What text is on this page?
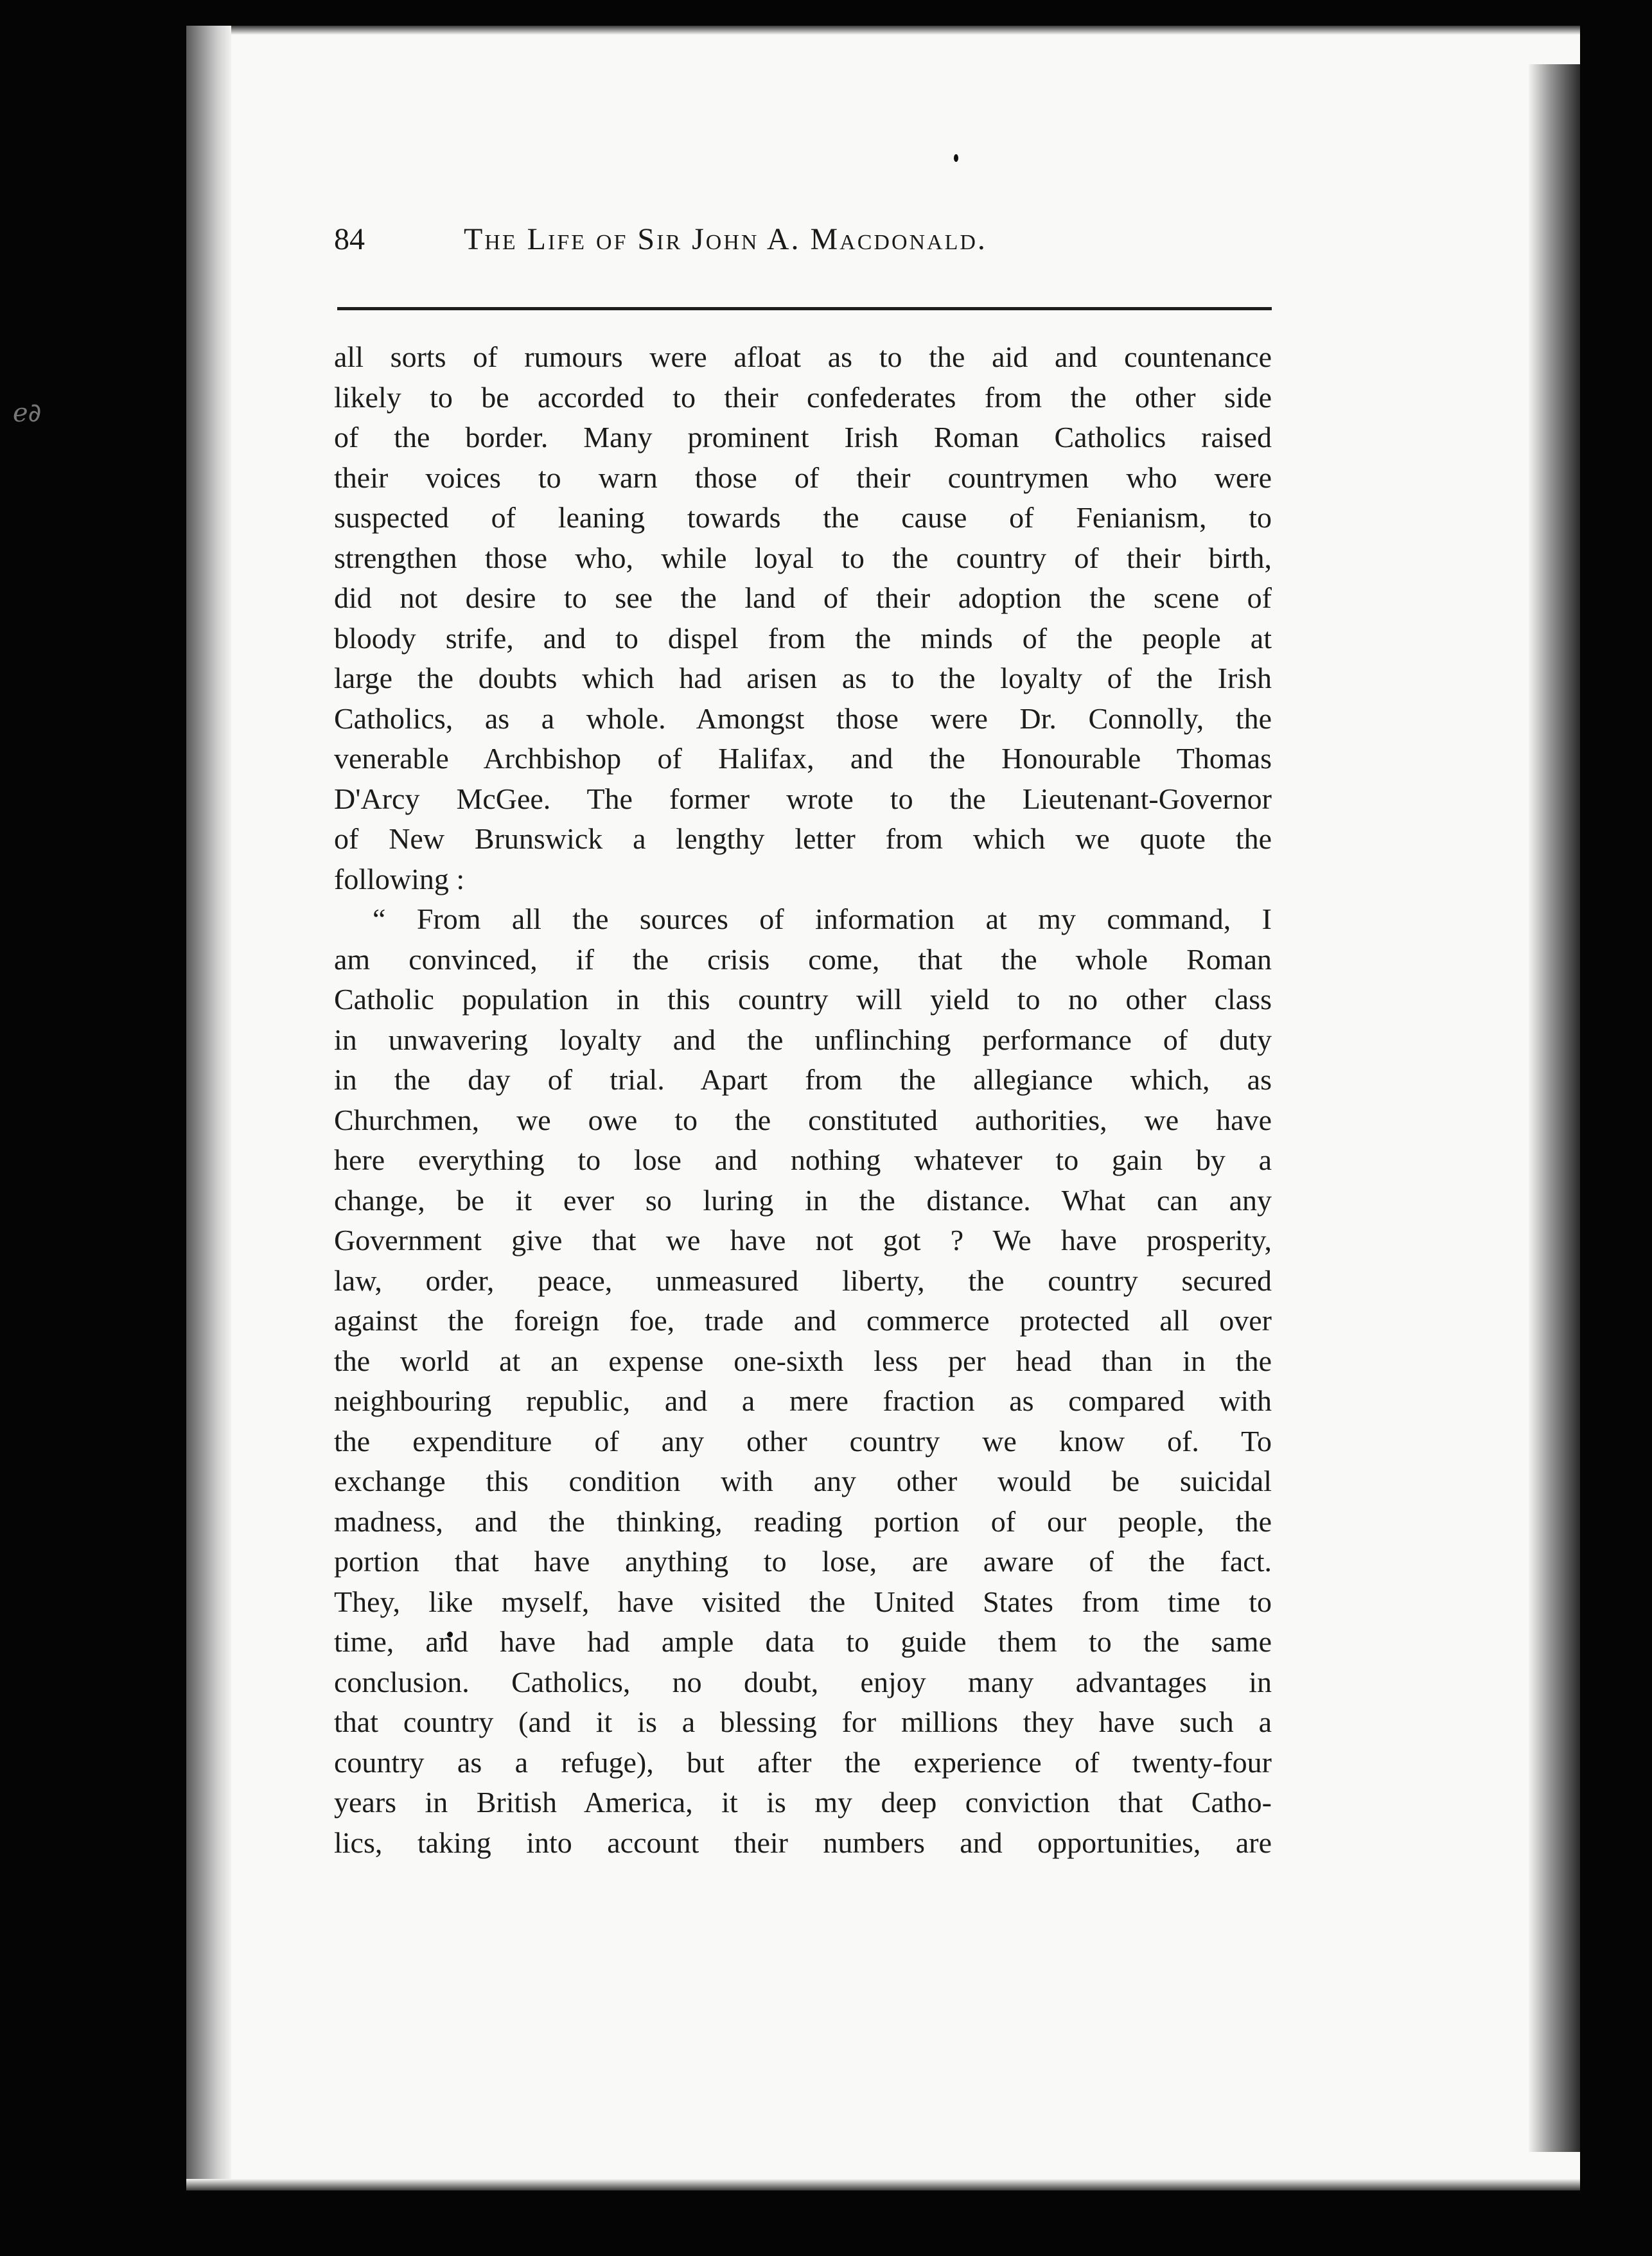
ℯ∂
84	The Life of Sir John A. Macdonald.
all sorts of rumours were afloat as to the aid and countenance
likely to be accorded to their confederates from the other side
of the border. Many prominent Irish Roman Catholics raised
their voices to warn those of their countrymen who were
suspected of leaning towards the cause of Fenianism, to
strengthen those who, while loyal to the country of their birth,
did not desire to see the land of their adoption the scene of
bloody strife, and to dispel from the minds of the people at
large the doubts which had arisen as to the loyalty of the Irish
Catholics, as a whole. Amongst those were Dr. Connolly, the
venerable Archbishop of Halifax, and the Honourable Thomas
D'Arcy McGee. The former wrote to the Lieutenant-Governor
of New Brunswick a lengthy letter from which we quote the
following :
“ From all the sources of information at my command, I
am convinced, if the crisis come, that the whole Roman
Catholic population in this country will yield to no other class
in unwavering loyalty and the unflinching performance of duty
in the day of trial. Apart from the allegiance which, as
Churchmen, we owe to the constituted authorities, we have
here everything to lose and nothing whatever to gain by a
change, be it ever so luring in the distance. What can any
Government give that we have not got ? We have prosperity,
law, order, peace, unmeasured liberty, the country secured
against the foreign foe, trade and commerce protected all over
the world at an expense one-sixth less per head than in the
neighbouring republic, and a mere fraction as compared with
the expenditure of any other country we know of. To
exchange this condition with any other would be suicidal
madness, and the thinking, reading portion of our people, the
portion that have anything to lose, are aware of the fact.
They, like myself, have visited the United States from time to
time, and have had ample data to guide them to the same
conclusion. Catholics, no doubt, enjoy many advantages in
that country (and it is a blessing for millions they have such a
country as a refuge), but after the experience of twenty-four
years in British America, it is my deep conviction that Catho-
lics, taking into account their numbers and opportunities, are
